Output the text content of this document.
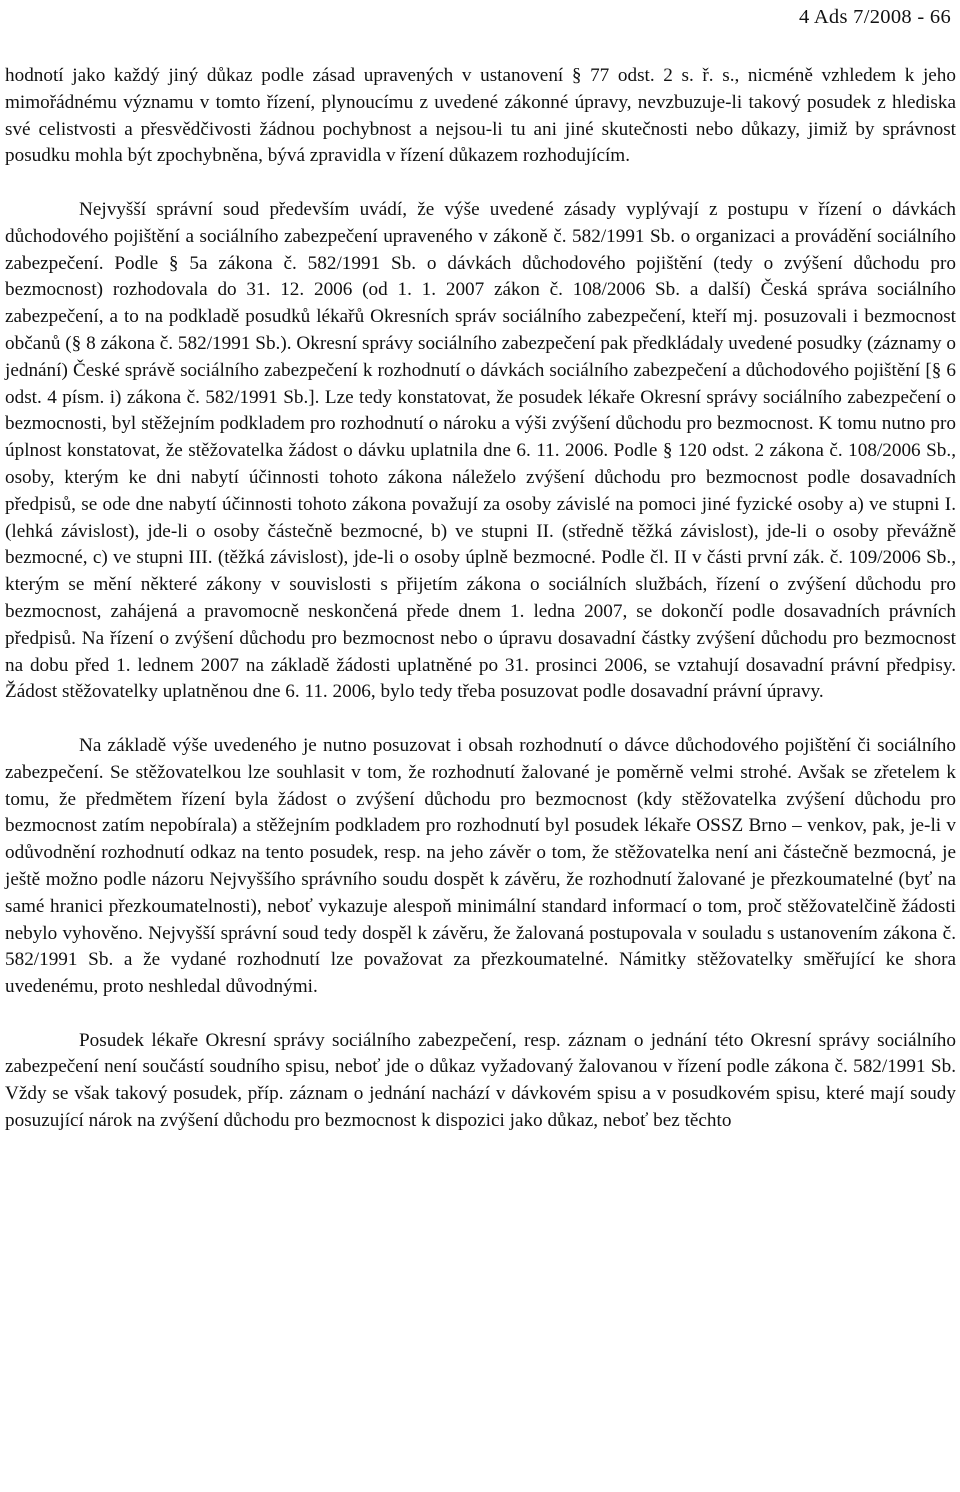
4 Ads 7/2008 - 66

hodnotí jako každý jiný důkaz podle zásad upravených v ustanovení § 77 odst. 2 s. ř. s., nicméně vzhledem k jeho mimořádnému významu v tomto řízení, plynoucímu z uvedené zákonné úpravy, nevzbuzuje-li takový posudek z hlediska své celistvosti a přesvědčivosti žádnou pochybnost a nejsou-li tu ani jiné skutečnosti nebo důkazy, jimiž by správnost posudku mohla být zpochybněna, bývá zpravidla v řízení důkazem rozhodujícím.

Nejvyšší správní soud především uvádí, že výše uvedené zásady vyplývají z postupu v řízení o dávkách důchodového pojištění a sociálního zabezpečení upraveného v zákoně č. 582/1991 Sb. o organizaci a provádění sociálního zabezpečení. Podle § 5a zákona č. 582/1991 Sb. o dávkách důchodového pojištění (tedy o zvýšení důchodu pro bezmocnost) rozhodovala do 31. 12. 2006 (od 1. 1. 2007 zákon č. 108/2006 Sb. a další) Česká správa sociálního zabezpečení, a to na podkladě posudků lékařů Okresních správ sociálního zabezpečení, kteří mj. posuzovali i bezmocnost občanů (§ 8 zákona č. 582/1991 Sb.). Okresní správy sociálního zabezpečení pak předkládaly uvedené posudky (záznamy o jednání) České správě sociálního zabezpečení k rozhodnutí o dávkách sociálního zabezpečení a důchodového pojištění [§ 6 odst. 4 písm. i) zákona č. 582/1991 Sb.]. Lze tedy konstatovat, že posudek lékaře Okresní správy sociálního zabezpečení o bezmocnosti, byl stěžejním podkladem pro rozhodnutí o nároku a výši zvýšení důchodu pro bezmocnost. K tomu nutno pro úplnost konstatovat, že stěžovatelka žádost o dávku uplatnila dne 6. 11. 2006. Podle § 120 odst. 2 zákona č. 108/2006 Sb., osoby, kterým ke dni nabytí účinnosti tohoto zákona náleželo zvýšení důchodu pro bezmocnost podle dosavadních předpisů, se ode dne nabytí účinnosti tohoto zákona považují za osoby závislé na pomoci jiné fyzické osoby a) ve stupni I. (lehká závislost), jde-li o osoby částečně bezmocné, b) ve stupni II. (středně těžká závislost), jde-li o osoby převážně bezmocné, c) ve stupni III. (těžká závislost), jde-li o osoby úplně bezmocné. Podle čl. II v části první zák. č. 109/2006 Sb., kterým se mění některé zákony v souvislosti s přijetím zákona o sociálních službách, řízení o zvýšení důchodu pro bezmocnost, zahájená a pravomocně neskončená přede dnem 1. ledna 2007, se dokončí podle dosavadních právních předpisů. Na řízení o zvýšení důchodu pro bezmocnost nebo o úpravu dosavadní částky zvýšení důchodu pro bezmocnost na dobu před 1. lednem 2007 na základě žádosti uplatněné po 31. prosinci 2006, se vztahují dosavadní právní předpisy. Žádost stěžovatelky uplatněnou dne 6. 11. 2006, bylo tedy třeba posuzovat podle dosavadní právní úpravy.

Na základě výše uvedeného je nutno posuzovat i obsah rozhodnutí o dávce důchodového pojištění či sociálního zabezpečení. Se stěžovatelkou lze souhlasit v tom, že rozhodnutí žalované je poměrně velmi strohé. Avšak se zřetelem k tomu, že předmětem řízení byla žádost o zvýšení důchodu pro bezmocnost (kdy stěžovatelka zvýšení důchodu pro bezmocnost zatím nepobírala) a stěžejním podkladem pro rozhodnutí byl posudek lékaře OSSZ Brno – venkov, pak, je-li v odůvodnění rozhodnutí odkaz na tento posudek, resp. na jeho závěr o tom, že stěžovatelka není ani částečně bezmocná, je ještě možno podle názoru Nejvyššího správního soudu dospět k závěru, že rozhodnutí žalované je přezkoumatelné (byť na samé hranici přezkoumatelnosti), neboť vykazuje alespoň minimální standard informací o tom, proč stěžovatelčině žádosti nebylo vyhověno. Nejvyšší správní soud tedy dospěl k závěru, že žalovaná postupovala v souladu s ustanovením zákona č. 582/1991 Sb. a že vydané rozhodnutí lze považovat za přezkoumatelné. Námitky stěžovatelky směřující ke shora uvedenému, proto neshledal důvodnými.

Posudek lékaře Okresní správy sociálního zabezpečení, resp. záznam o jednání této Okresní správy sociálního zabezpečení není součástí soudního spisu, neboť jde o důkaz vyžadovaný žalovanou v řízení podle zákona č. 582/1991 Sb. Vždy se však takový posudek, příp. záznam o jednání nachází v dávkovém spisu a v posudkovém spisu, které mají soudy posuzující nárok na zvýšení důchodu pro bezmocnost k dispozici jako důkaz, neboť bez těchto
